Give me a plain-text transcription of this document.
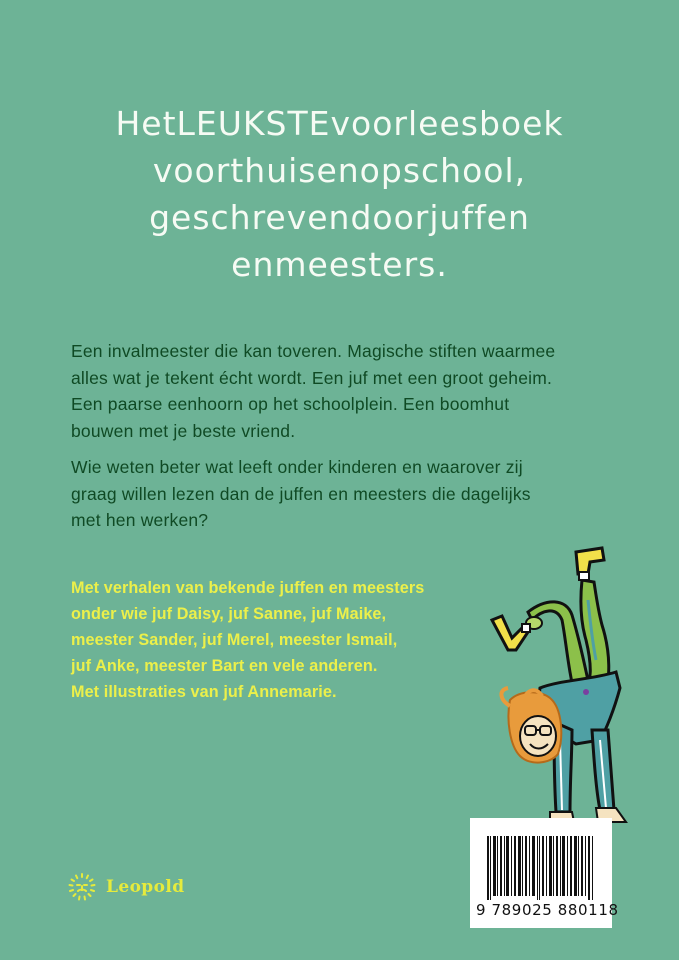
HetLEUKSTEvoorleesboek
voorthuisenopschool,
geschrevendoorjuffen
enmeesters.
Een invalmeester die kan toveren. Magische stiften waarmee
alles wat je tekent écht wordt. Een juf met een groot geheim.
Een paarse eenhoorn op het schoolplein. Een boomhut
bouwen met je beste vriend.
Wie weten beter wat leeft onder kinderen en waarover zij
graag willen lezen dan de juffen en meesters die dagelijks
met hen werken?
Met verhalen van bekende juffen en meesters
onder wie juf Daisy, juf Sanne, juf Maike,
meester Sander, juf Merel, meester Ismail,
juf Anke, meester Bart en vele anderen.
Met illustraties van juf Annemarie.
9 789025 880118
Leopold
